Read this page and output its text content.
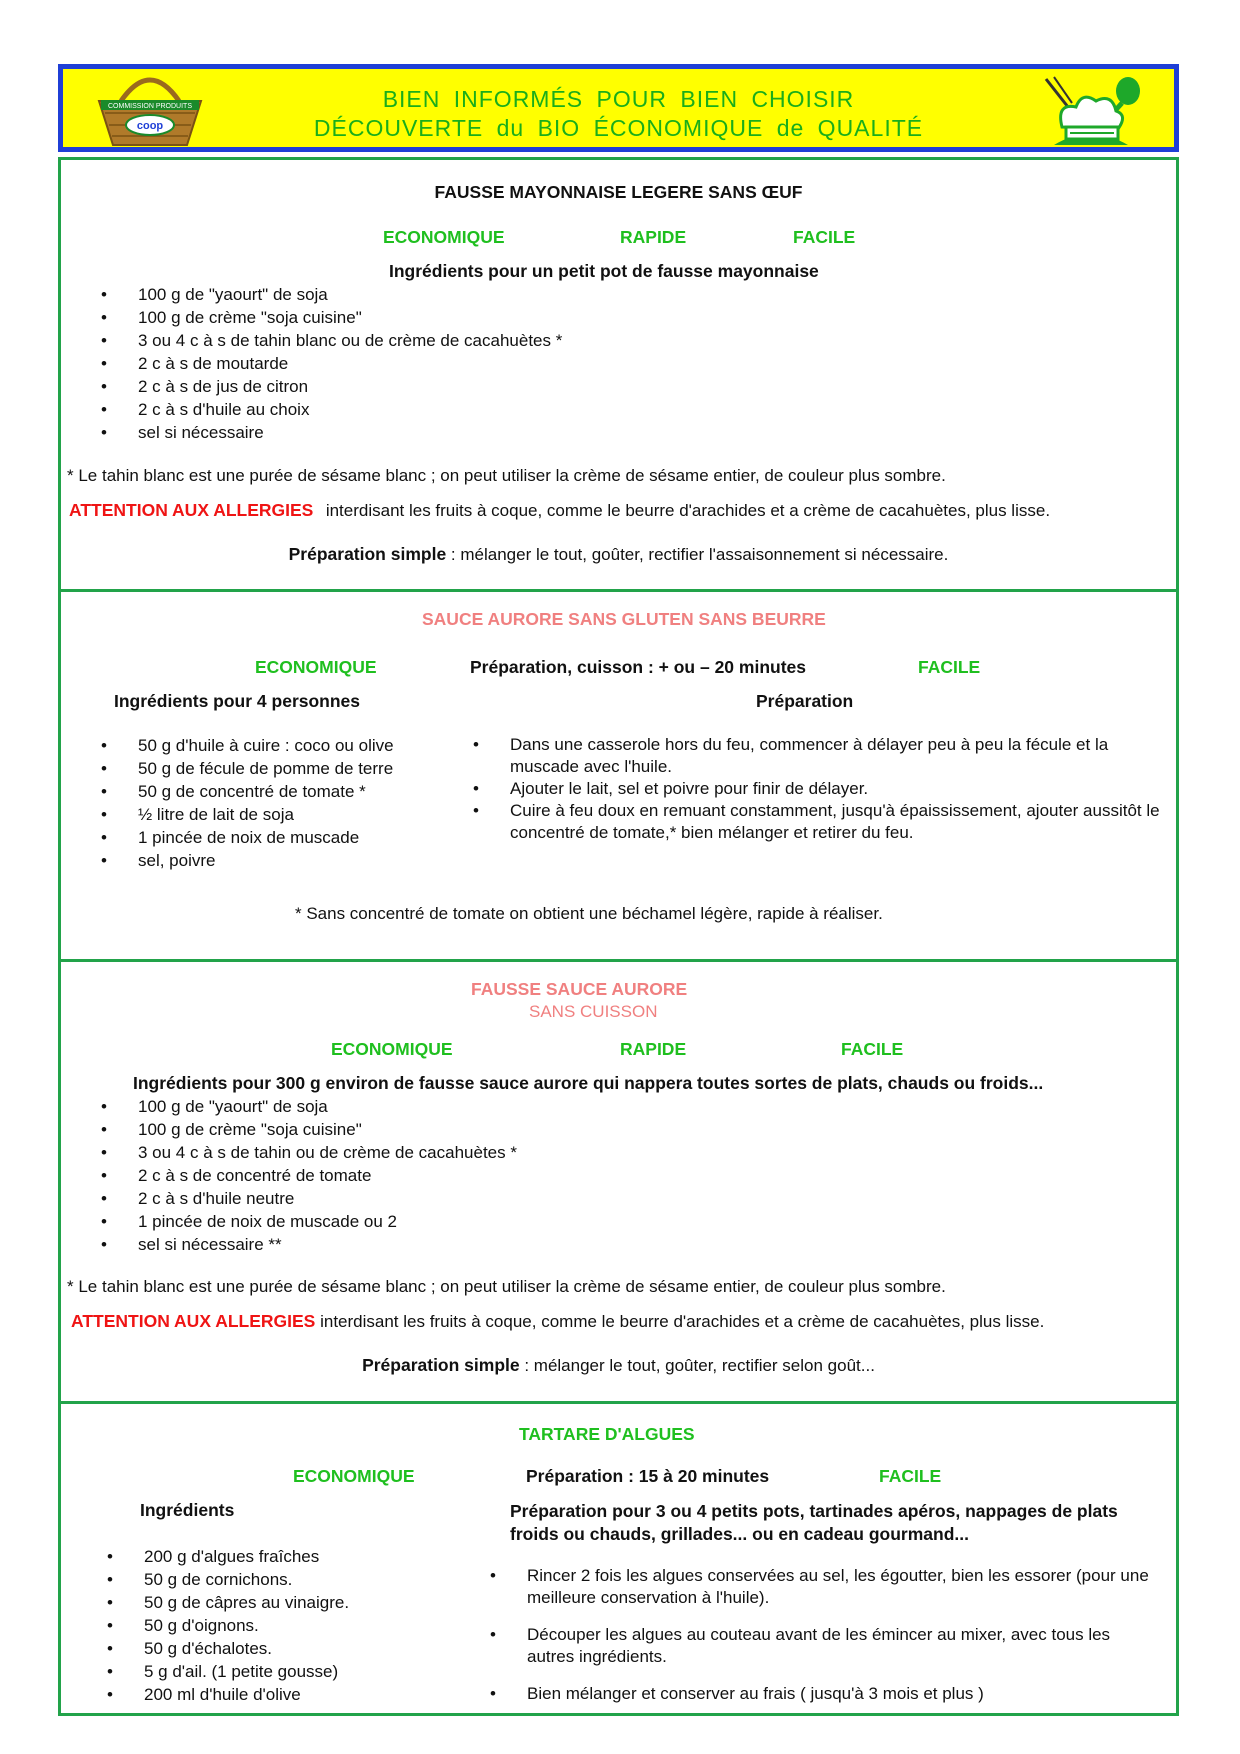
COMMISSION PRODUITS
coop
BIEN INFORMÉS POUR BIEN CHOISIR
DÉCOUVERTE du BIO ÉCONOMIQUE de QUALITÉ
FAUSSE MAYONNAISE LEGERE SANS ŒUF
ECONOMIQUE	RAPIDE	FACILE
Ingrédients pour un petit pot de fausse mayonnaise
• 100 g de "yaourt" de soja
• 100 g de crème "soja cuisine"
• 3 ou 4 c à s de tahin blanc ou de crème de cacahuètes *
• 2 c à s de moutarde
• 2 c à s de jus de citron
• 2 c à s d'huile au choix
• sel si nécessaire
* Le tahin blanc est une purée de sésame blanc ; on peut utiliser la crème de sésame entier, de couleur plus sombre.
ATTENTION AUX ALLERGIES interdisant les fruits à coque, comme le beurre d'arachides et a crème de cacahuètes, plus lisse.
Préparation simple : mélanger le tout, goûter, rectifier l'assaisonnement si nécessaire.
SAUCE AURORE SANS GLUTEN SANS BEURRE
ECONOMIQUE	Préparation, cuisson : + ou – 20 minutes	FACILE
Ingrédients pour 4 personnes	Préparation
• 50 g d'huile à cuire : coco ou olive
• 50 g de fécule de pomme de terre
• 50 g de concentré de tomate *
• ½ litre de lait de soja
• 1 pincée de noix de muscade
• sel, poivre
• Dans une casserole hors du feu, commencer à délayer peu à peu la fécule et la muscade avec l'huile.
• Ajouter le lait, sel et poivre pour finir de délayer.
• Cuire à feu doux en remuant constamment, jusqu'à épaississement, ajouter aussitôt le concentré de tomate,* bien mélanger et retirer du feu.
* Sans concentré de tomate on obtient une béchamel légère, rapide à réaliser.
FAUSSE SAUCE AURORE
SANS CUISSON
ECONOMIQUE	RAPIDE	FACILE
Ingrédients pour 300 g environ de fausse sauce aurore qui nappera toutes sortes de plats, chauds ou froids...
• 100 g de "yaourt" de soja
• 100 g de crème "soja cuisine"
• 3 ou 4 c à s de tahin ou de crème de cacahuètes *
• 2 c à s de concentré de tomate
• 2 c à s d'huile neutre
• 1 pincée de noix de muscade ou 2
• sel si nécessaire **
* Le tahin blanc est une purée de sésame blanc ; on peut utiliser la crème de sésame entier, de couleur plus sombre.
ATTENTION AUX ALLERGIES interdisant les fruits à coque, comme le beurre d'arachides et a crème de cacahuètes, plus lisse.
Préparation simple : mélanger le tout, goûter, rectifier selon goût...
TARTARE D'ALGUES
ECONOMIQUE	Préparation : 15 à 20 minutes	FACILE
Ingrédients	Préparation pour 3 ou 4 petits pots, tartinades apéros, nappages de plats froids ou chauds, grillades... ou en cadeau gourmand...
• 200 g d'algues fraîches
• 50 g de cornichons.
• 50 g de câpres au vinaigre.
• 50 g d'oignons.
• 50 g d'échalotes.
• 5 g d'ail. (1 petite gousse)
• 200 ml d'huile d'olive
• Rincer 2 fois les algues conservées au sel, les égoutter, bien les essorer (pour une meilleure conservation à l'huile).
• Découper les algues au couteau avant de les émincer au mixer, avec tous les autres ingrédients.
• Bien mélanger et conserver au frais ( jusqu'à 3 mois et plus )
